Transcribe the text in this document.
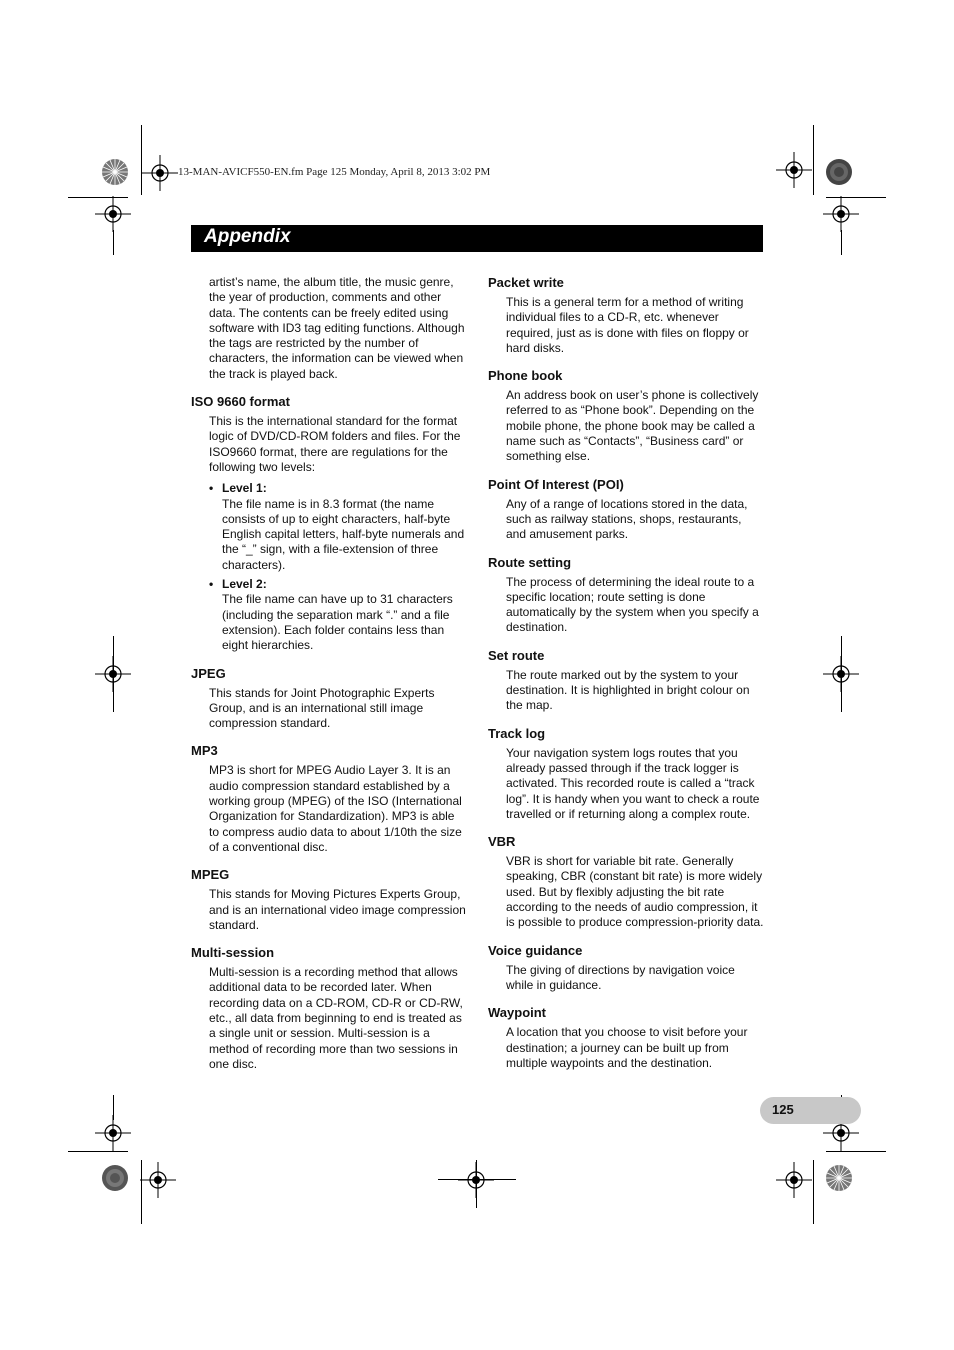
13-MAN-AVICF550-EN.fm Page 125 Monday, April 8, 2013 3:02 PM
Appendix

artist’s name, the album title, the music genre, the year of production, comments and other data. The contents can be freely edited using software with ID3 tag editing functions. Although the tags are restricted by the number of characters, the information can be viewed when the track is played back.

ISO 9660 format

This is the international standard for the format logic of DVD/CD-ROM folders and files. For the ISO9660 format, there are regulations for the following two levels:

• Level 1:
The file name is in 8.3 format (the name consists of up to eight characters, half-byte English capital letters, half-byte numerals and the “_” sign, with a file-extension of three characters).
• Level 2:
The file name can have up to 31 characters (including the separation mark “.” and a file extension). Each folder contains less than eight hierarchies.
JPEG

This stands for Joint Photographic Experts Group, and is an international still image compression standard.

MP3

MP3 is short for MPEG Audio Layer 3. It is an audio compression standard established by a working group (MPEG) of the ISO (International Organization for Standardization). MP3 is able to compress audio data to about 1/10th the size of a conventional disc.

MPEG

This stands for Moving Pictures Experts Group, and is an international video image compression standard.

Multi-session

Multi-session is a recording method that allows additional data to be recorded later. When recording data on a CD-ROM, CD-R or CD-RW, etc., all data from beginning to end is treated as a single unit or session. Multi-session is a method of recording more than two sessions in one disc.

Packet write

This is a general term for a method of writing individual files to a CD-R, etc. whenever required, just as is done with files on floppy or hard disks.

Phone book

An address book on user’s phone is collectively referred to as “Phone book”. Depending on the mobile phone, the phone book may be called a name such as “Contacts”, “Business card” or something else.

Point Of Interest (POI)

Any of a range of locations stored in the data, such as railway stations, shops, restaurants, and amusement parks.

Route setting

The process of determining the ideal route to a specific location; route setting is done automatically by the system when you specify a destination.

Set route

The route marked out by the system to your destination. It is highlighted in bright colour on the map.

Track log

Your navigation system logs routes that you already passed through if the track logger is activated. This recorded route is called a “track log”. It is handy when you want to check a route travelled or if returning along a complex route.

VBR

VBR is short for variable bit rate. Generally speaking, CBR (constant bit rate) is more widely used. But by flexibly adjusting the bit rate according to the needs of audio compression, it is possible to produce compression-priority data.

Voice guidance

The giving of directions by navigation voice while in guidance.

Waypoint

A location that you choose to visit before your destination; a journey can be built up from multiple waypoints and the destination.

125
